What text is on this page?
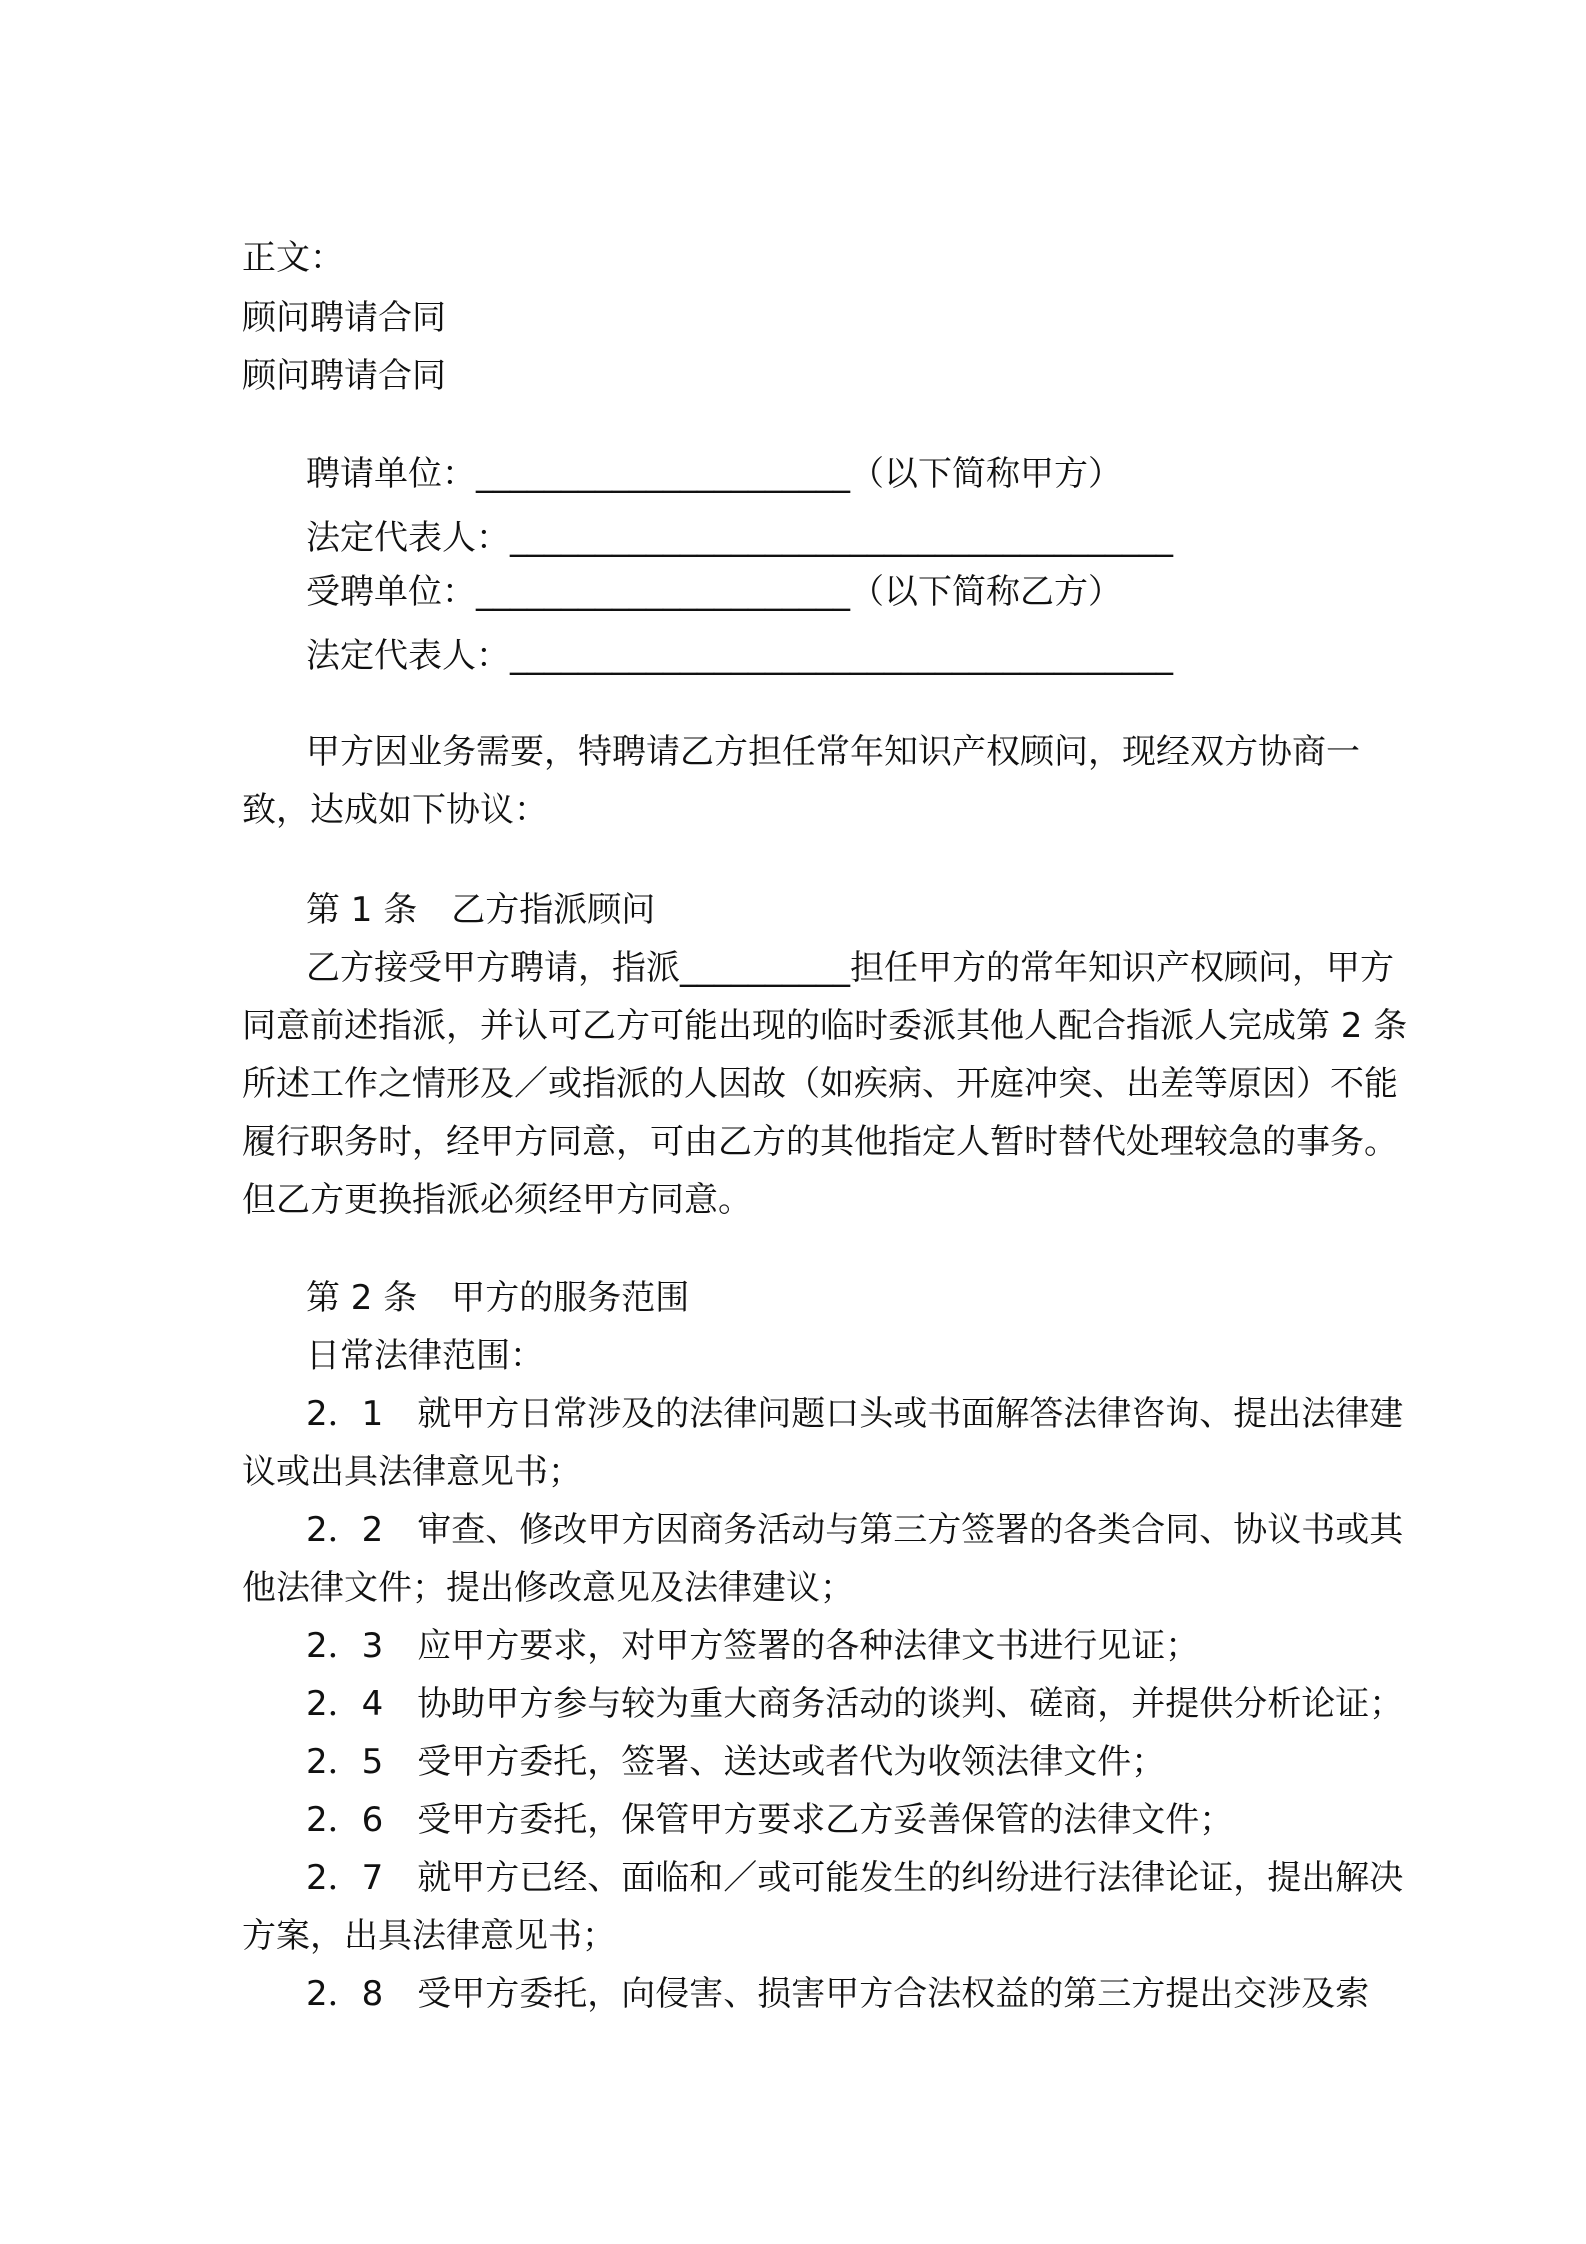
正文：
顾问聘请合同
顾问聘请合同
聘请单位：______________________（以下简称甲方）
法定代表人：_______________________________________
受聘单位：______________________（以下简称乙方）
法定代表人：_______________________________________
甲方因业务需要，特聘请乙方担任常年知识产权顾问，现经双方协商一
致，达成如下协议：
第 1 条　乙方指派顾问
乙方接受甲方聘请，指派__________担任甲方的常年知识产权顾问，甲方
同意前述指派，并认可乙方可能出现的临时委派其他人配合指派人完成第 2 条
所述工作之情形及／或指派的人因故（如疾病、开庭冲突、出差等原因）不能
履行职务时，经甲方同意，可由乙方的其他指定人暂时替代处理较急的事务。
但乙方更换指派必须经甲方同意。
第 2 条　甲方的服务范围
日常法律范围：
2．1　就甲方日常涉及的法律问题口头或书面解答法律咨询、提出法律建
议或出具法律意见书；
2．2　审查、修改甲方因商务活动与第三方签署的各类合同、协议书或其
他法律文件；提出修改意见及法律建议；
2．3　应甲方要求，对甲方签署的各种法律文书进行见证；
2．4　协助甲方参与较为重大商务活动的谈判、磋商，并提供分析论证；
2．5　受甲方委托，签署、送达或者代为收领法律文件；
2．6　受甲方委托，保管甲方要求乙方妥善保管的法律文件；
2．7　就甲方已经、面临和／或可能发生的纠纷进行法律论证，提出解决
方案，出具法律意见书；
2．8　受甲方委托，向侵害、损害甲方合法权益的第三方提出交涉及索
